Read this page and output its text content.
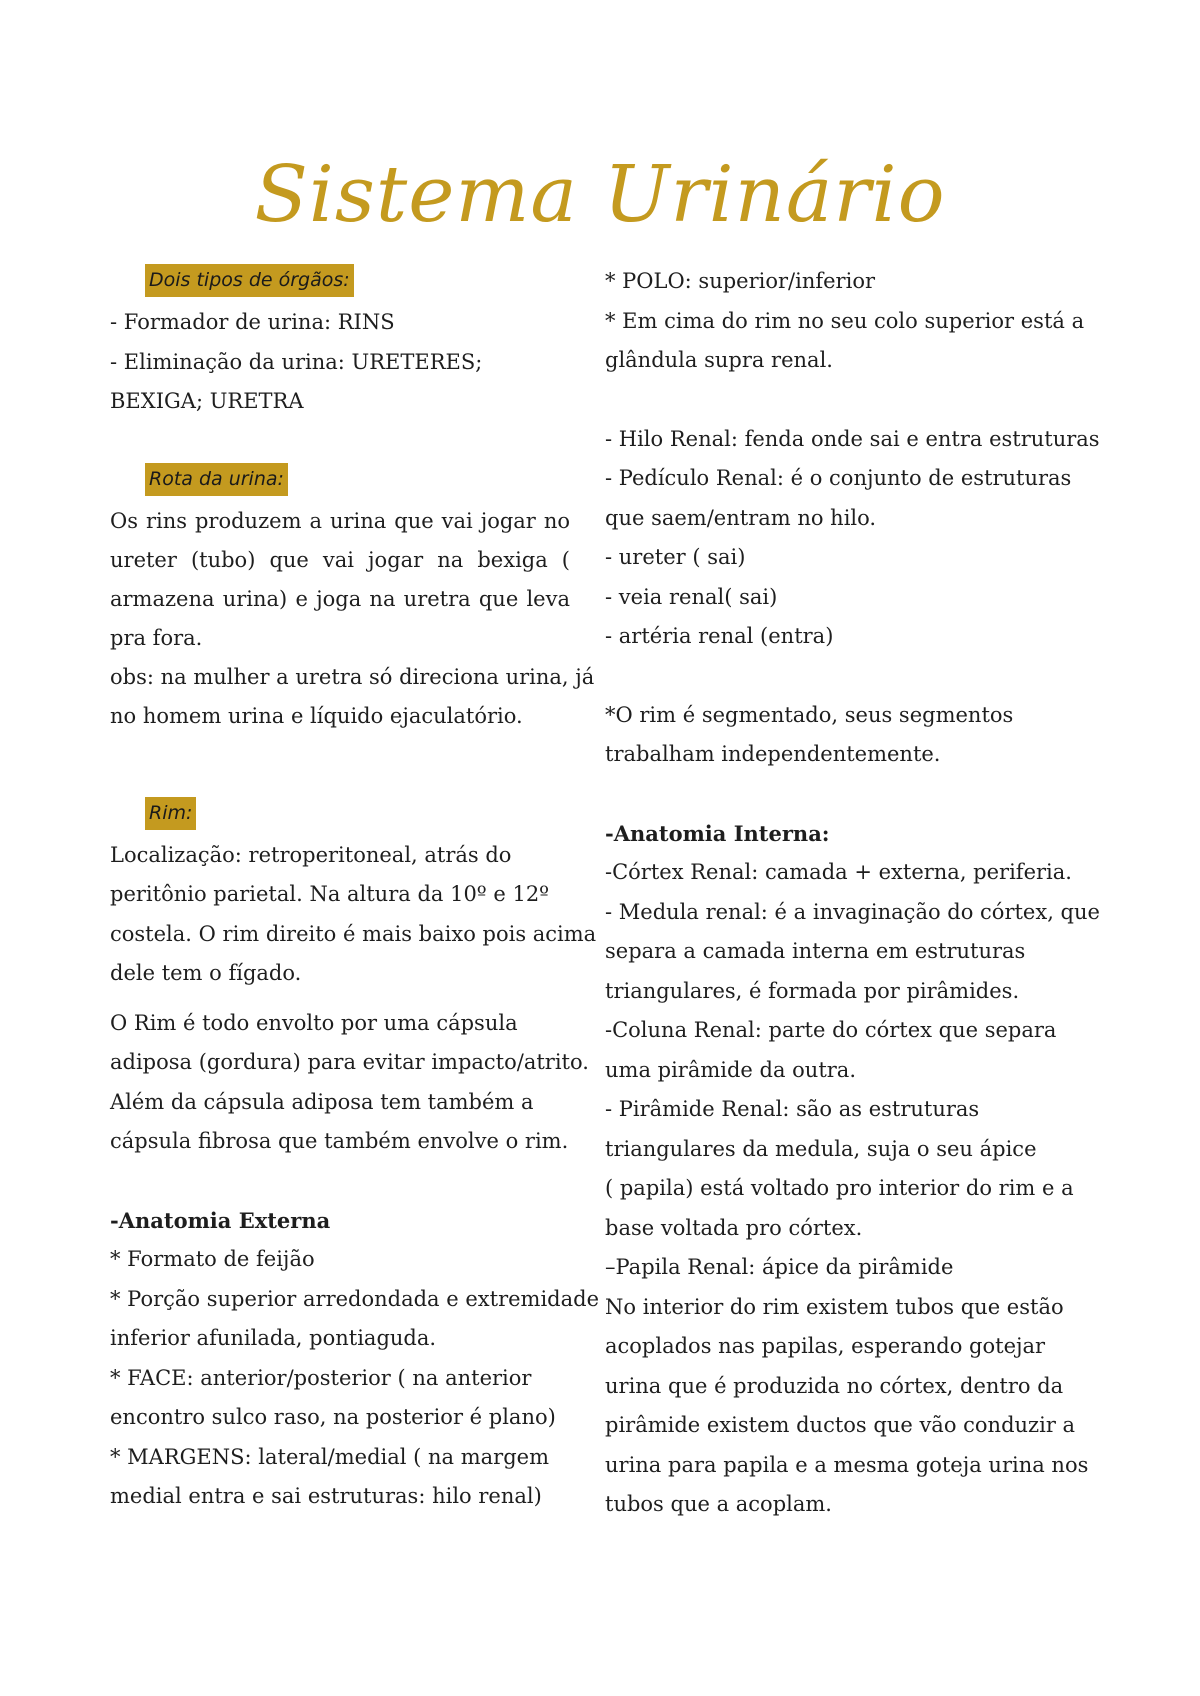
Sistema Urinário
Dois tipos de órgãos:

- Formador de urina: RINS

- Eliminação da urina: URETERES;

BEXIGA; URETRA

Rota da urina:

Os rins produzem a urina que vai jogar no ureter (tubo) que vai jogar na bexiga ( armazena urina) e joga na uretra que leva pra fora.

obs: na mulher a uretra só direciona urina, já

no homem urina e líquido ejaculatório.

Rim:

Localização: retroperitoneal, atrás do

peritônio parietal. Na altura da 10º e 12º

costela. O rim direito é mais baixo pois acima

dele tem o fígado.

O Rim é todo envolto por uma cápsula

adiposa (gordura) para evitar impacto/atrito.

Além da cápsula adiposa tem também a

cápsula fibrosa que também envolve o rim.

-Anatomia Externa

* Formato de feijão

* Porção superior arredondada e extremidade

inferior afunilada, pontiaguda.

* FACE: anterior/posterior ( na anterior

encontro sulco raso, na posterior é plano)

* MARGENS: lateral/medial ( na margem

medial entra e sai estruturas: hilo renal)

* POLO: superior/inferior

* Em cima do rim no seu colo superior está a

glândula supra renal.

- Hilo Renal: fenda onde sai e entra estruturas

- Pedículo Renal: é o conjunto de estruturas

que saem/entram no hilo.

- ureter ( sai)

- veia renal( sai)

- artéria renal (entra)

*O rim é segmentado, seus segmentos

trabalham independentemente.

-Anatomia Interna:

-Córtex Renal: camada + externa, periferia.

- Medula renal: é a invaginação do córtex, que

separa a camada interna em estruturas

triangulares, é formada por pirâmides.

-Coluna Renal: parte do córtex que separa

uma pirâmide da outra.

- Pirâmide Renal: são as estruturas

triangulares da medula, suja o seu ápice

( papila) está voltado pro interior do rim e a

base voltada pro córtex.

–Papila Renal: ápice da pirâmide

No interior do rim existem tubos que estão

acoplados nas papilas, esperando gotejar

urina que é produzida no córtex, dentro da

pirâmide existem ductos que vão conduzir a

urina para papila e a mesma goteja urina nos

tubos que a acoplam.
